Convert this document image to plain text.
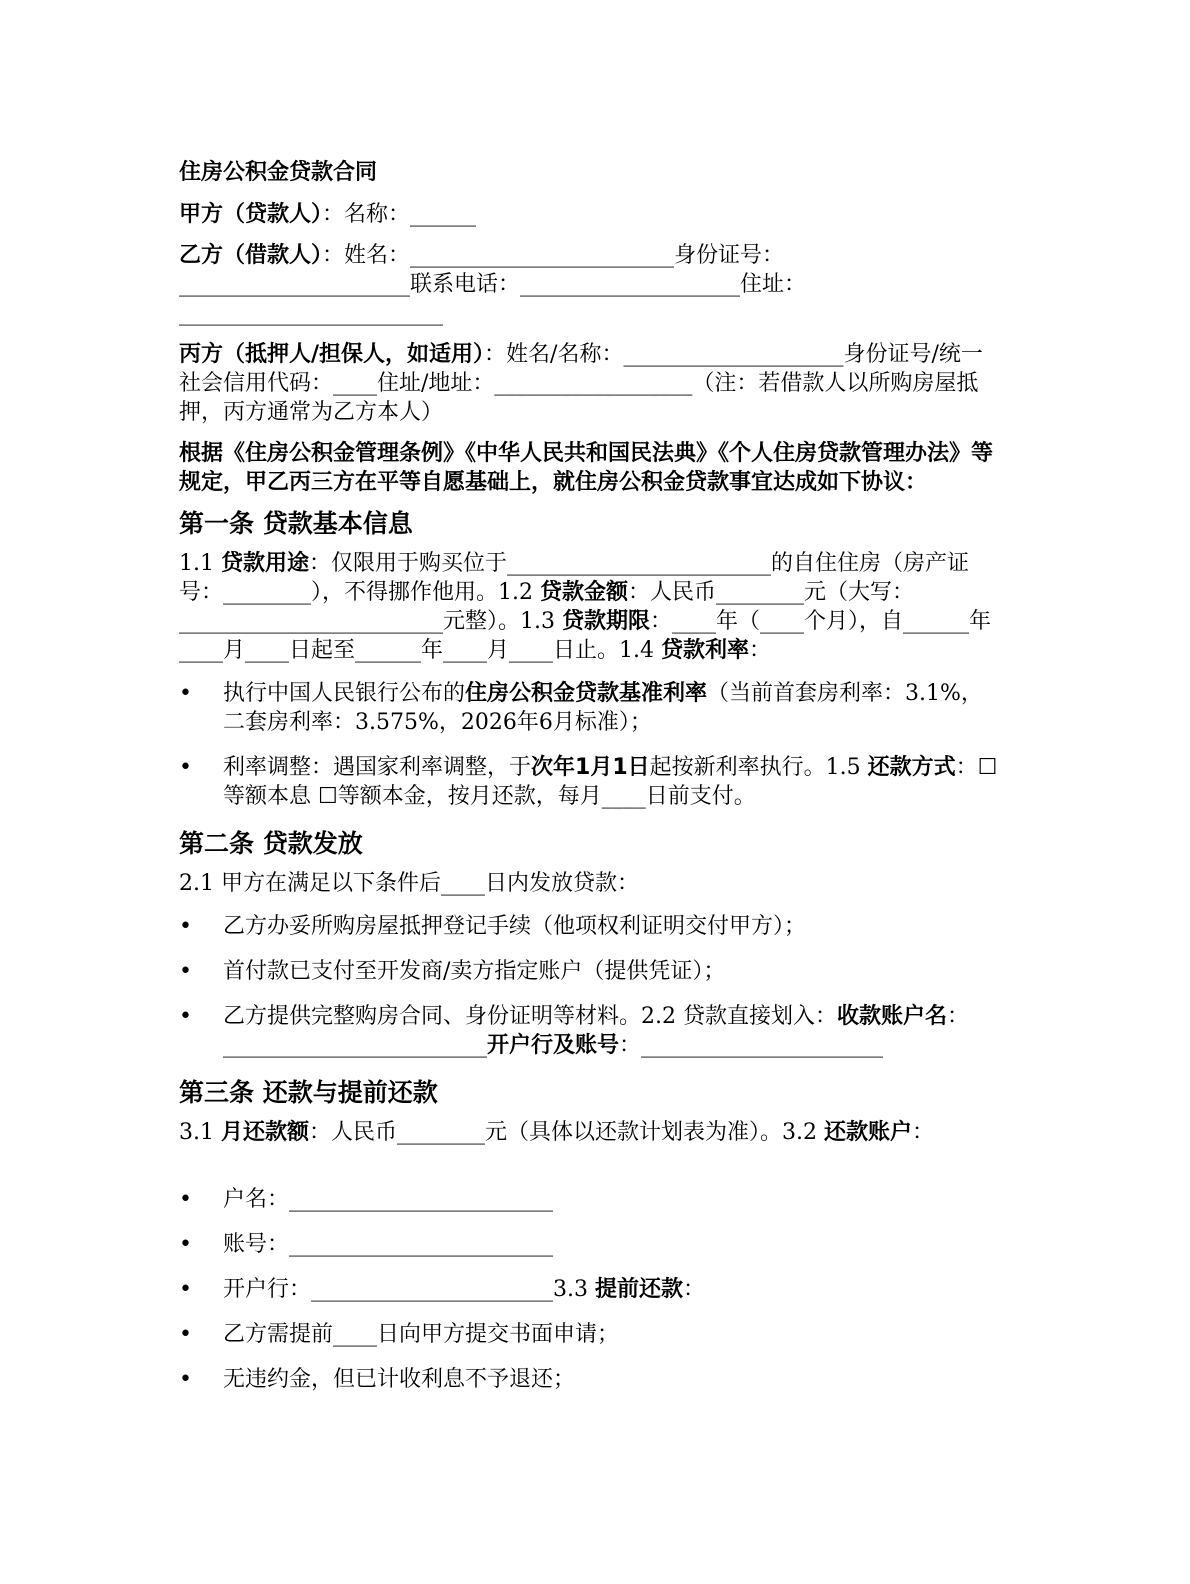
住房公积金贷款合同

甲方（贷款人）：名称：______

乙方（借款人）：姓名：________________________身份证号：_____________________联系电话：____________________住址：________________________

丙方（抵押人/担保人，如适用）：姓名/名称：____________________身份证号/统一社会信用代码：____住址/地址：__________________（注：若借款人以所购房屋抵押，丙方通常为乙方本人）

根据《住房公积金管理条例》《中华人民共和国民法典》《个人住房贷款管理办法》等规定，甲乙丙三方在平等自愿基础上，就住房公积金贷款事宜达成如下协议：
第一条 贷款基本信息

1.1 贷款用途：仅限用于购买位于________________________的自住住房（房产证号：________），不得挪作他用。1.2 贷款金额：人民币________元（大写：________________________元整）。1.3 贷款期限：____年（____个月），自______年____月____日起至______年____月____日止。1.4 贷款利率：

• 执行中国人民银行公布的住房公积金贷款基准利率（当前首套房利率：3.1%，二套房利率：3.575%，2026年6月标准）；
• 利率调整：遇国家利率调整，于次年1月1日起按新利率执行。1.5 还款方式：☐等额本息 ☐等额本金，按月还款，每月____日前支付。
第二条 贷款发放

2.1 甲方在满足以下条件后____日内发放贷款：

• 乙方办妥所购房屋抵押登记手续（他项权利证明交付甲方）；
• 首付款已支付至开发商/卖方指定账户（提供凭证）；
• 乙方提供完整购房合同、身份证明等材料。2.2 贷款直接划入：收款账户名：________________________开户行及账号：______________________
第三条 还款与提前还款

3.1 月还款额：人民币________元（具体以还款计划表为准）。3.2 还款账户：

• 户名：________________________
• 账号：________________________
• 开户行：______________________3.3 提前还款：
• 乙方需提前____日向甲方提交书面申请；
• 无违约金，但已计收利息不予退还；
